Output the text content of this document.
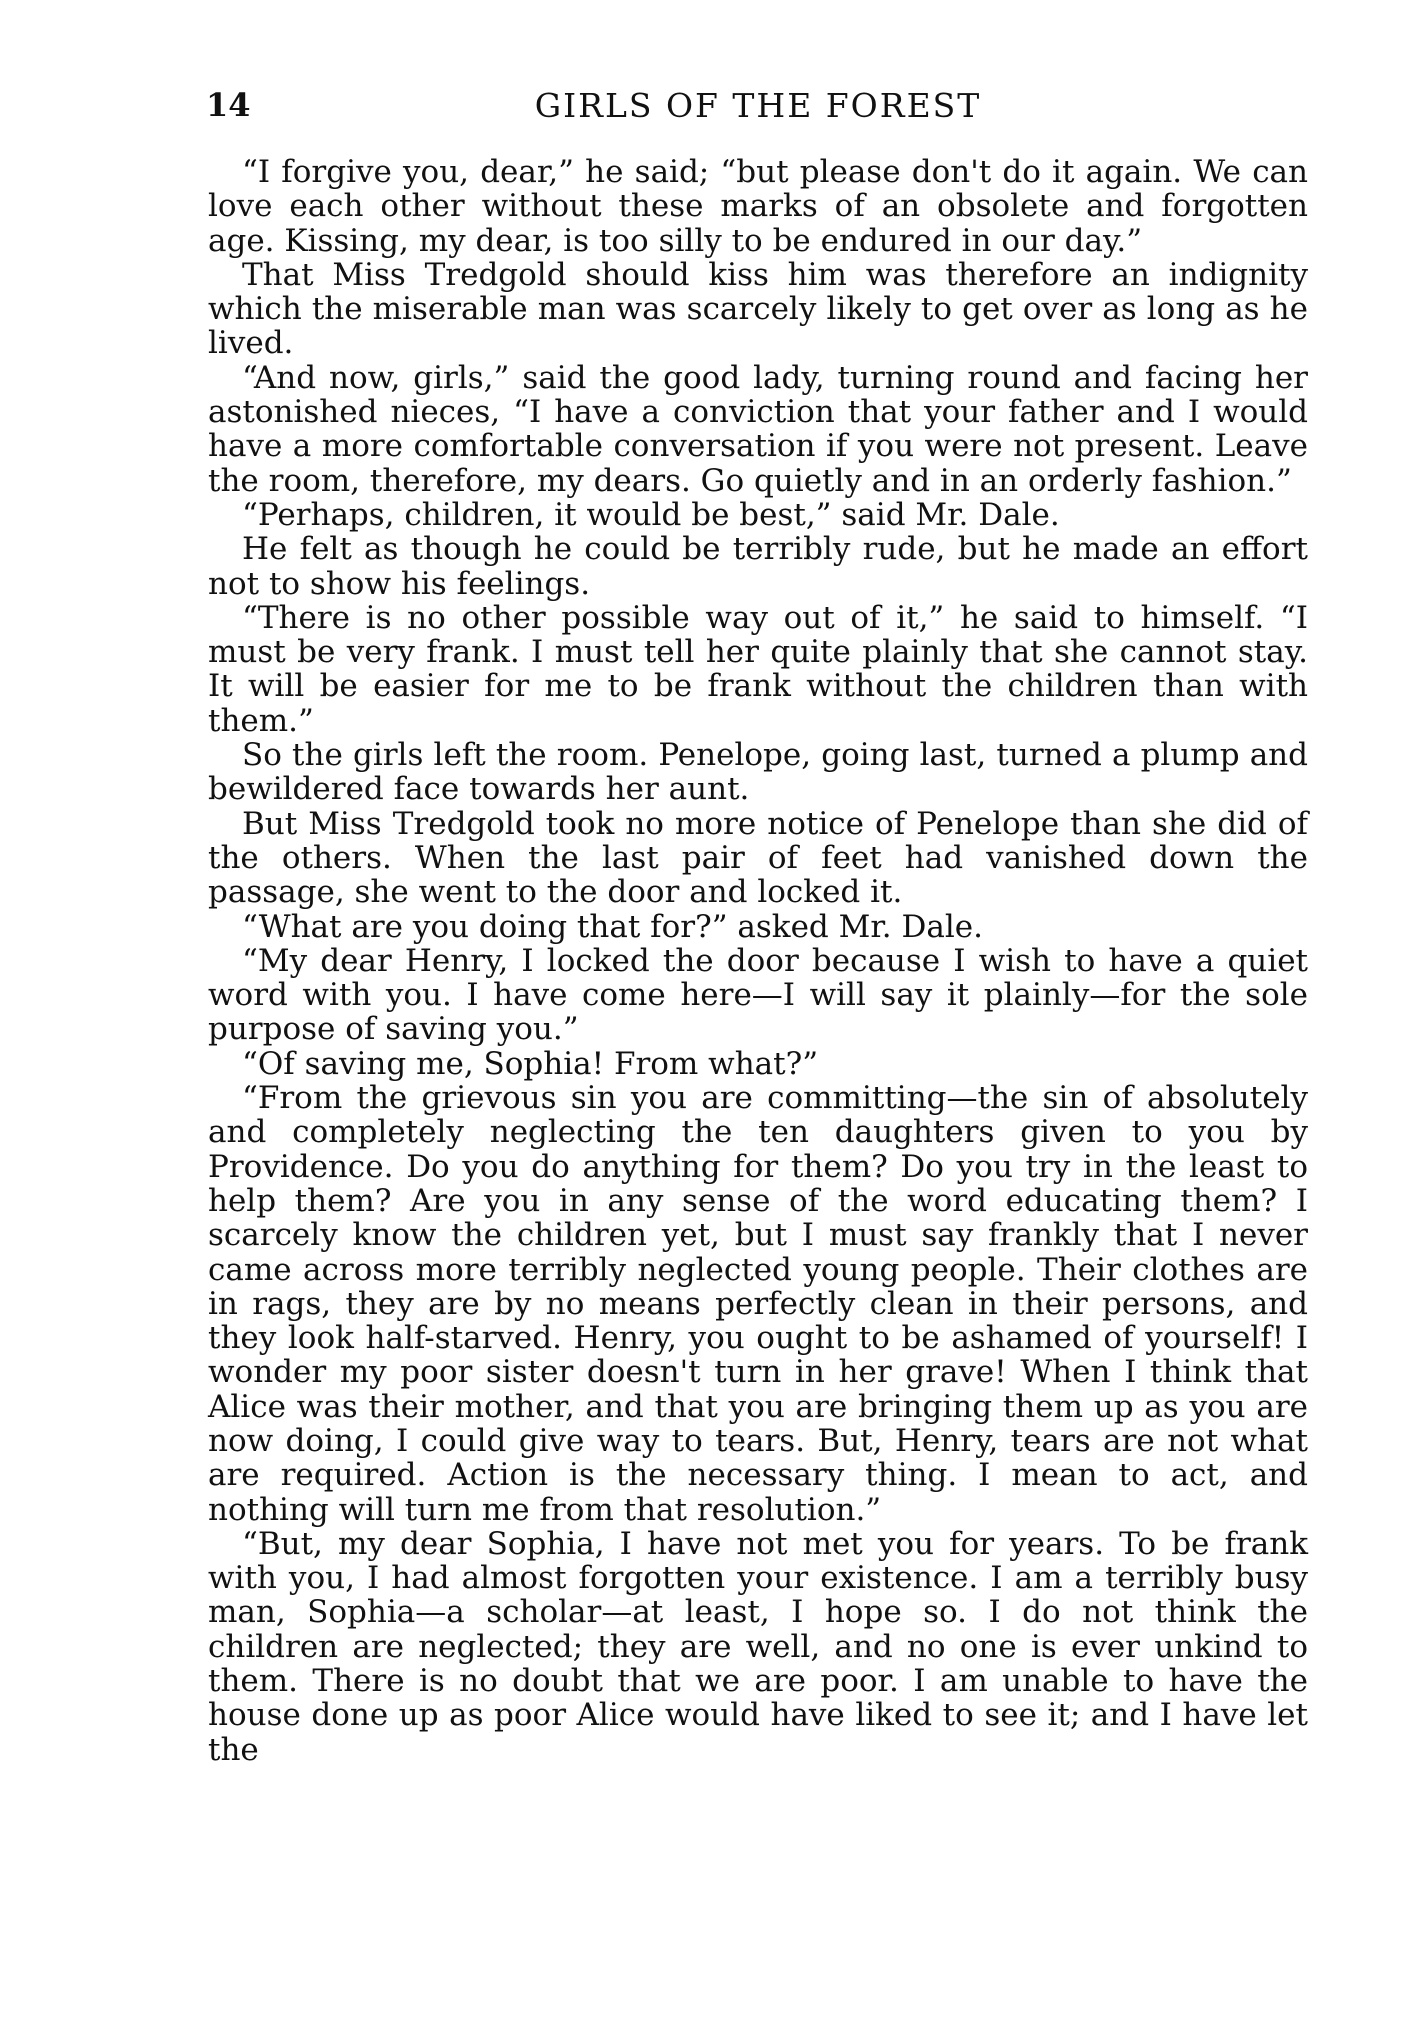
14	GIRLS OF THE FOREST

“I forgive you, dear,” he said; “but please don't do it again. We can love each other without these marks of an obsolete and forgotten age. Kissing, my dear, is too silly to be endured in our day.”

That Miss Tredgold should kiss him was therefore an indignity which the miserable man was scarcely likely to get over as long as he lived.

“And now, girls,” said the good lady, turning round and facing her astonished nieces, “I have a conviction that your father and I would have a more comfortable conversation if you were not present. Leave the room, therefore, my dears. Go quietly and in an orderly fashion.”

“Perhaps, children, it would be best,” said Mr. Dale.

He felt as though he could be terribly rude, but he made an effort not to show his feelings.

“There is no other possible way out of it,” he said to himself. “I must be very frank. I must tell her quite plainly that she cannot stay. It will be easier for me to be frank without the children than with them.”

So the girls left the room. Penelope, going last, turned a plump and bewildered face towards her aunt.

But Miss Tredgold took no more notice of Penelope than she did of the others. When the last pair of feet had vanished down the passage, she went to the door and locked it.

“What are you doing that for?” asked Mr. Dale.

“My dear Henry, I locked the door because I wish to have a quiet word with you. I have come here—I will say it plainly—for the sole purpose of saving you.”

“Of saving me, Sophia! From what?”

“From the grievous sin you are committing—the sin of absolutely and completely neglecting the ten daughters given to you by Providence. Do you do anything for them? Do you try in the least to help them? Are you in any sense of the word educating them? I scarcely know the children yet, but I must say frankly that I never came across more terribly neglected young people. Their clothes are in rags, they are by no means perfectly clean in their persons, and they look half-starved. Henry, you ought to be ashamed of yourself! I wonder my poor sister doesn't turn in her grave! When I think that Alice was their mother, and that you are bringing them up as you are now doing, I could give way to tears. But, Henry, tears are not what are required. Action is the necessary thing. I mean to act, and nothing will turn me from that resolution.”

“But, my dear Sophia, I have not met you for years. To be frank with you, I had almost forgotten your existence. I am a terribly busy man, Sophia—a scholar—at least, I hope so. I do not think the children are neglected; they are well, and no one is ever unkind to them. There is no doubt that we are poor. I am unable to have the house done up as poor Alice would have liked to see it; and I have let the
